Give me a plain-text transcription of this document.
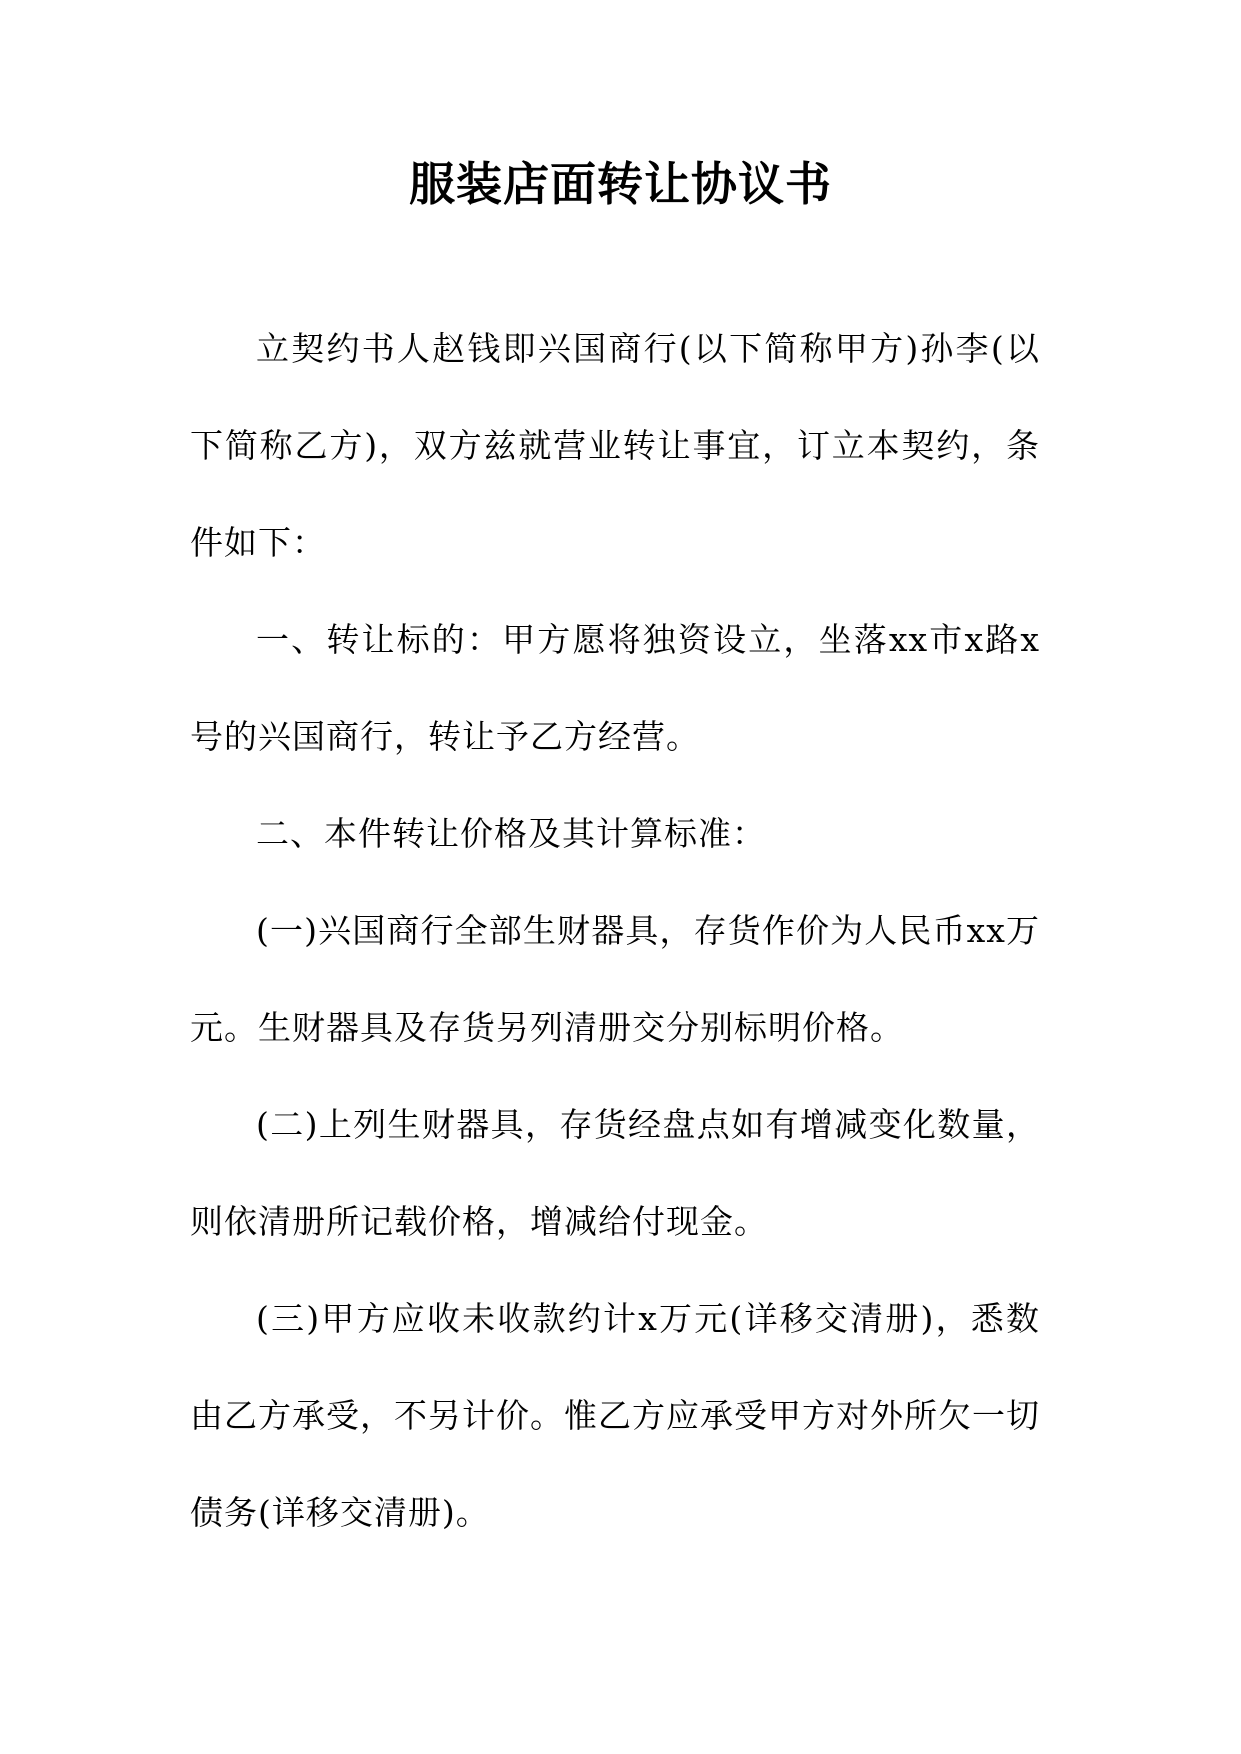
服装店面转让协议书

立契约书人赵钱即兴国商行(以下简称甲方)孙李(以下简称乙方)，双方兹就营业转让事宜，订立本契约，条件如下：

一、转让标的：甲方愿将独资设立，坐落xx市x路x号的兴国商行，转让予乙方经营。

二、本件转让价格及其计算标准：

(一)兴国商行全部生财器具，存货作价为人民币xx万元。生财器具及存货另列清册交分别标明价格。

(二)上列生财器具，存货经盘点如有增减变化数量，则依清册所记载价格，增减给付现金。

(三)甲方应收未收款约计x万元(详移交清册)，悉数由乙方承受，不另计价。惟乙方应承受甲方对外所欠一切债务(详移交清册)。
